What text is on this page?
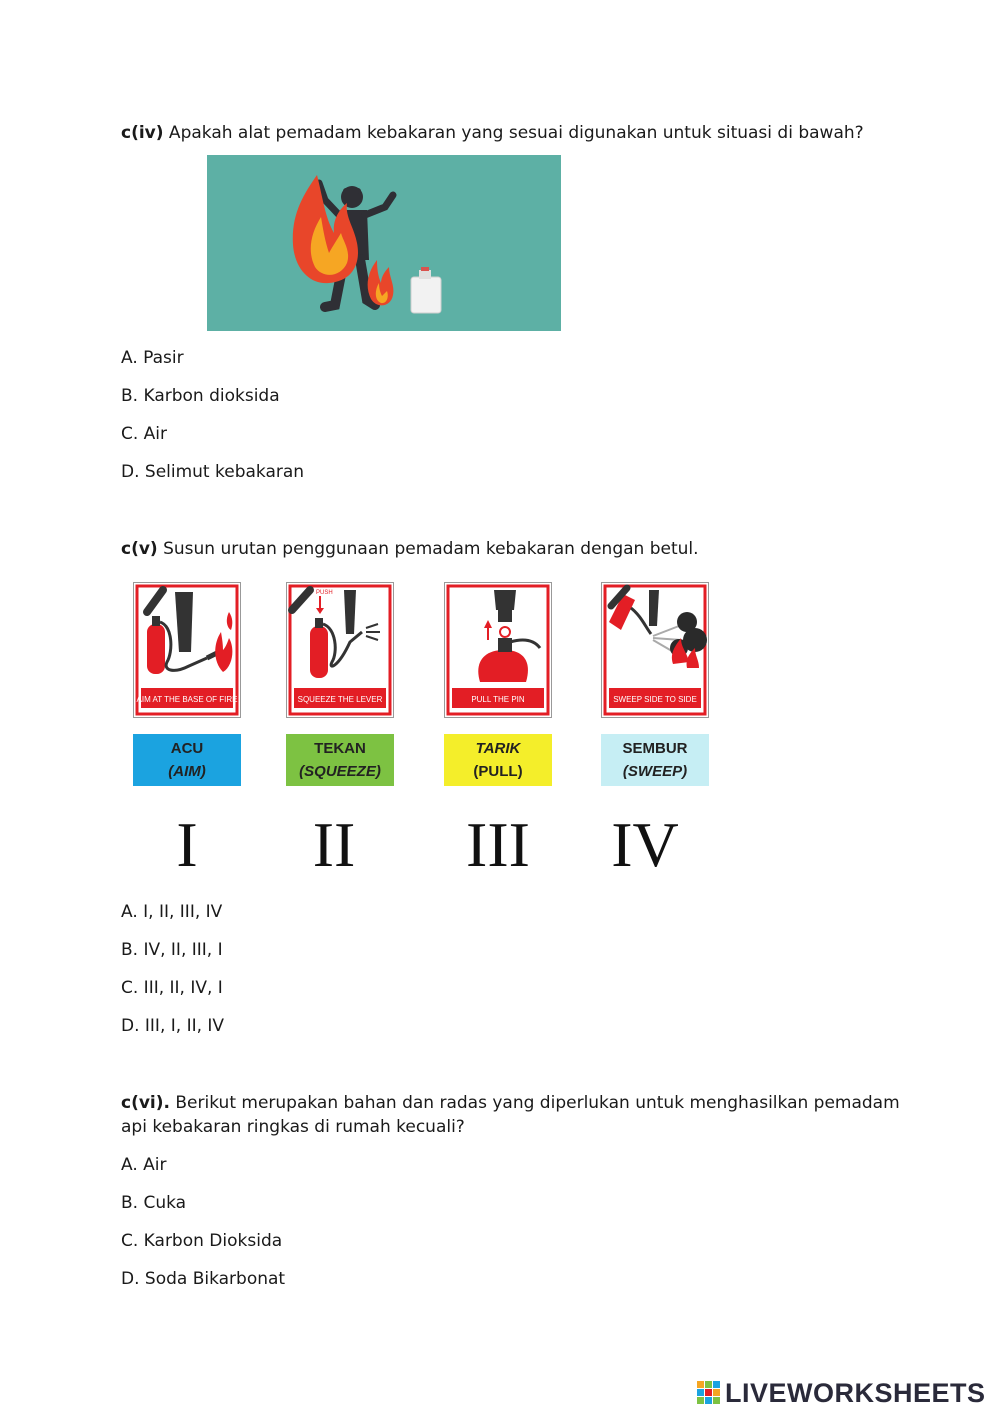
c(iv) Apakah alat pemadam kebakaran yang sesuai digunakan untuk situasi di bawah?

A. Pasir

B. Karbon dioksida

C. Air

D. Selimut kebakaran

c(v) Susun urutan penggunaan pemadam kebakaran dengan betul.

AIM AT THE BASE OF FIRE
PUSH
SQUEEZE THE LEVER	PULL THE PIN	SWEEP SIDE TO SIDE
ACU
(AIM)
TEKAN
(SQUEEZE)
TARIK
(PULL)
SEMBUR
(SWEEP)
I	II	III	IV

A. I, II, III, IV

B. IV, II, III, I

C. III, II, IV, I

D. III, I, II, IV

c(vi). Berikut merupakan bahan dan radas yang diperlukan untuk menghasilkan pemadam

api kebakaran ringkas di rumah kecuali?

A. Air

B. Cuka

C. Karbon Dioksida

D. Soda Bikarbonat

LIVEWORKSHEETS
